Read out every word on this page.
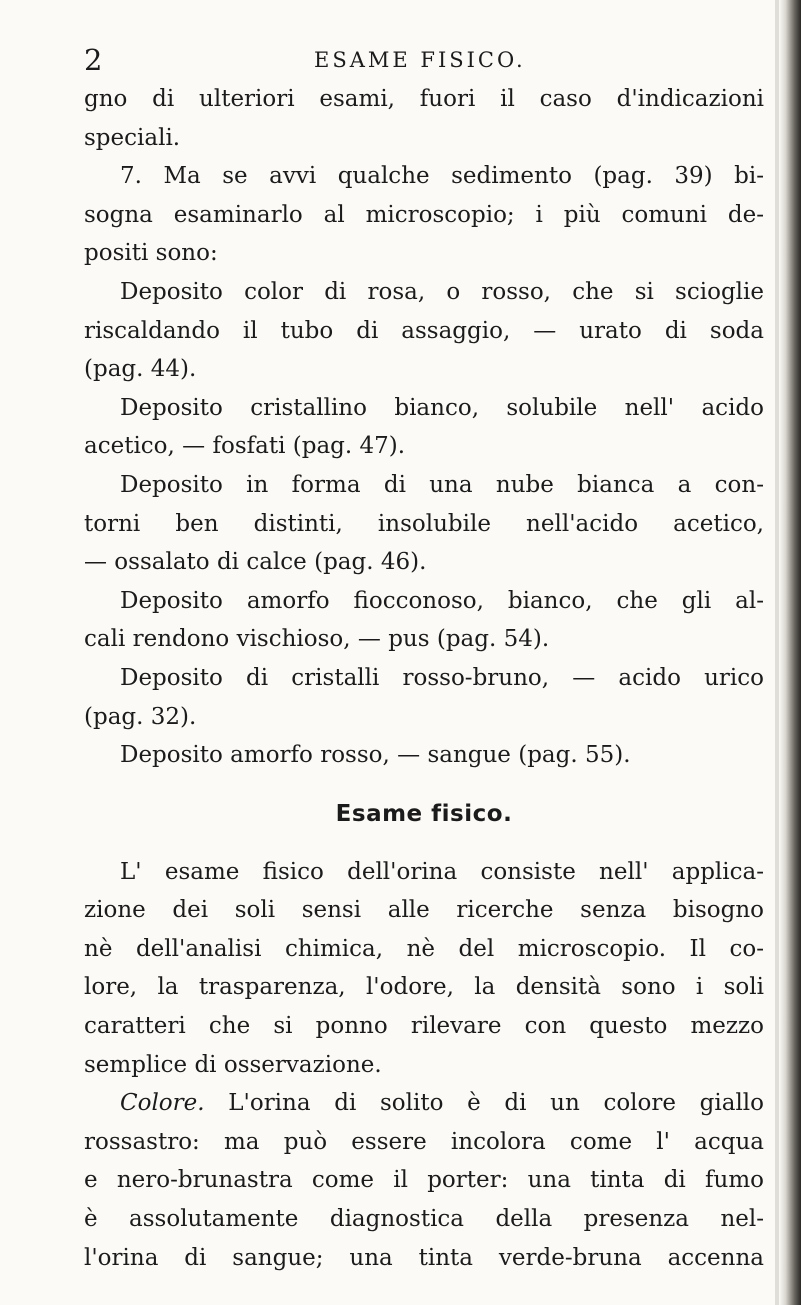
2	ESAME FISICO.
gno di ulteriori esami, fuori il caso d'indicazioni
speciali.
7. Ma se avvi qualche sedimento (pag. 39) bi-
sogna esaminarlo al microscopio; i più comuni de-
positi sono:
Deposito color di rosa, o rosso, che si scioglie
riscaldando il tubo di assaggio, — urato di soda
(pag. 44).
Deposito cristallino bianco, solubile nell' acido
acetico, — fosfati (pag. 47).
Deposito in forma di una nube bianca a con-
torni ben distinti, insolubile nell'acido acetico,
— ossalato di calce (pag. 46).
Deposito amorfo fiocconoso, bianco, che gli al-
cali rendono vischioso, — pus (pag. 54).
Deposito di cristalli rosso-bruno, — acido urico
(pag. 32).
Deposito amorfo rosso, — sangue (pag. 55).
Esame fisico.
L' esame fisico dell'orina consiste nell' applica-
zione dei soli sensi alle ricerche senza bisogno
nè dell'analisi chimica, nè del microscopio. Il co-
lore, la trasparenza, l'odore, la densità sono i soli
caratteri che si ponno rilevare con questo mezzo
semplice di osservazione.
Colore. L'orina di solito è di un colore giallo
rossastro: ma può essere incolora come l' acqua
e nero-brunastra come il porter: una tinta di fumo
è assolutamente diagnostica della presenza nel-
l'orina di sangue; una tinta verde-bruna accenna
